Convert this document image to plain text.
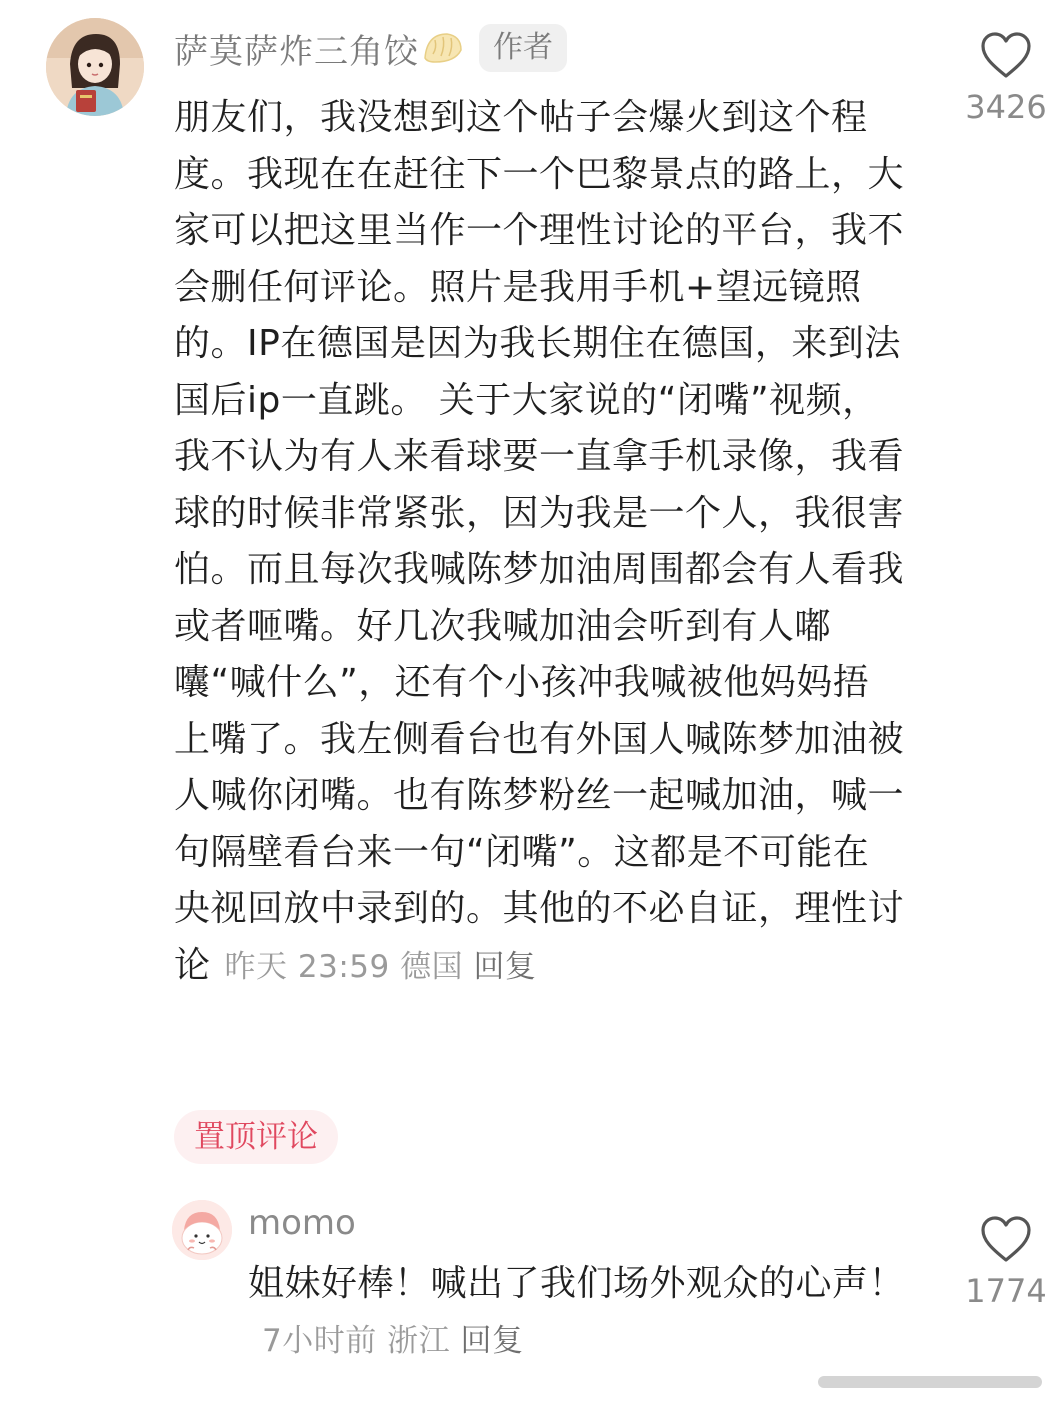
萨莫萨炸三角饺	作者

朋友们，我没想到这个帖子会爆火到这个程度。我现在在赶往下一个巴黎景点的路上，大家可以把这里当作一个理性讨论的平台，我不会删任何评论。照片是我用手机+望远镜照的。IP在德国是因为我长期住在德国，来到法国后ip一直跳。 关于大家说的“闭嘴”视频，我不认为有人来看球要一直拿手机录像，我看球的时候非常紧张，因为我是一个人，我很害怕。而且每次我喊陈梦加油周围都会有人看我或者咂嘴。好几次我喊加油会听到有人嘟囔“喊什么”，还有个小孩冲我喊被他妈妈捂上嘴了。我左侧看台也有外国人喊陈梦加油被人喊你闭嘴。也有陈梦粉丝一起喊加油，喊一句隔壁看台来一句“闭嘴”。这都是不可能在央视回放中录到的。其他的不必自证，理性讨论 昨天 23:59 德国 回复

置顶评论
3426
momo

姐妹好棒！喊出了我们场外观众的心声！7小时前 浙江 回复

1774
